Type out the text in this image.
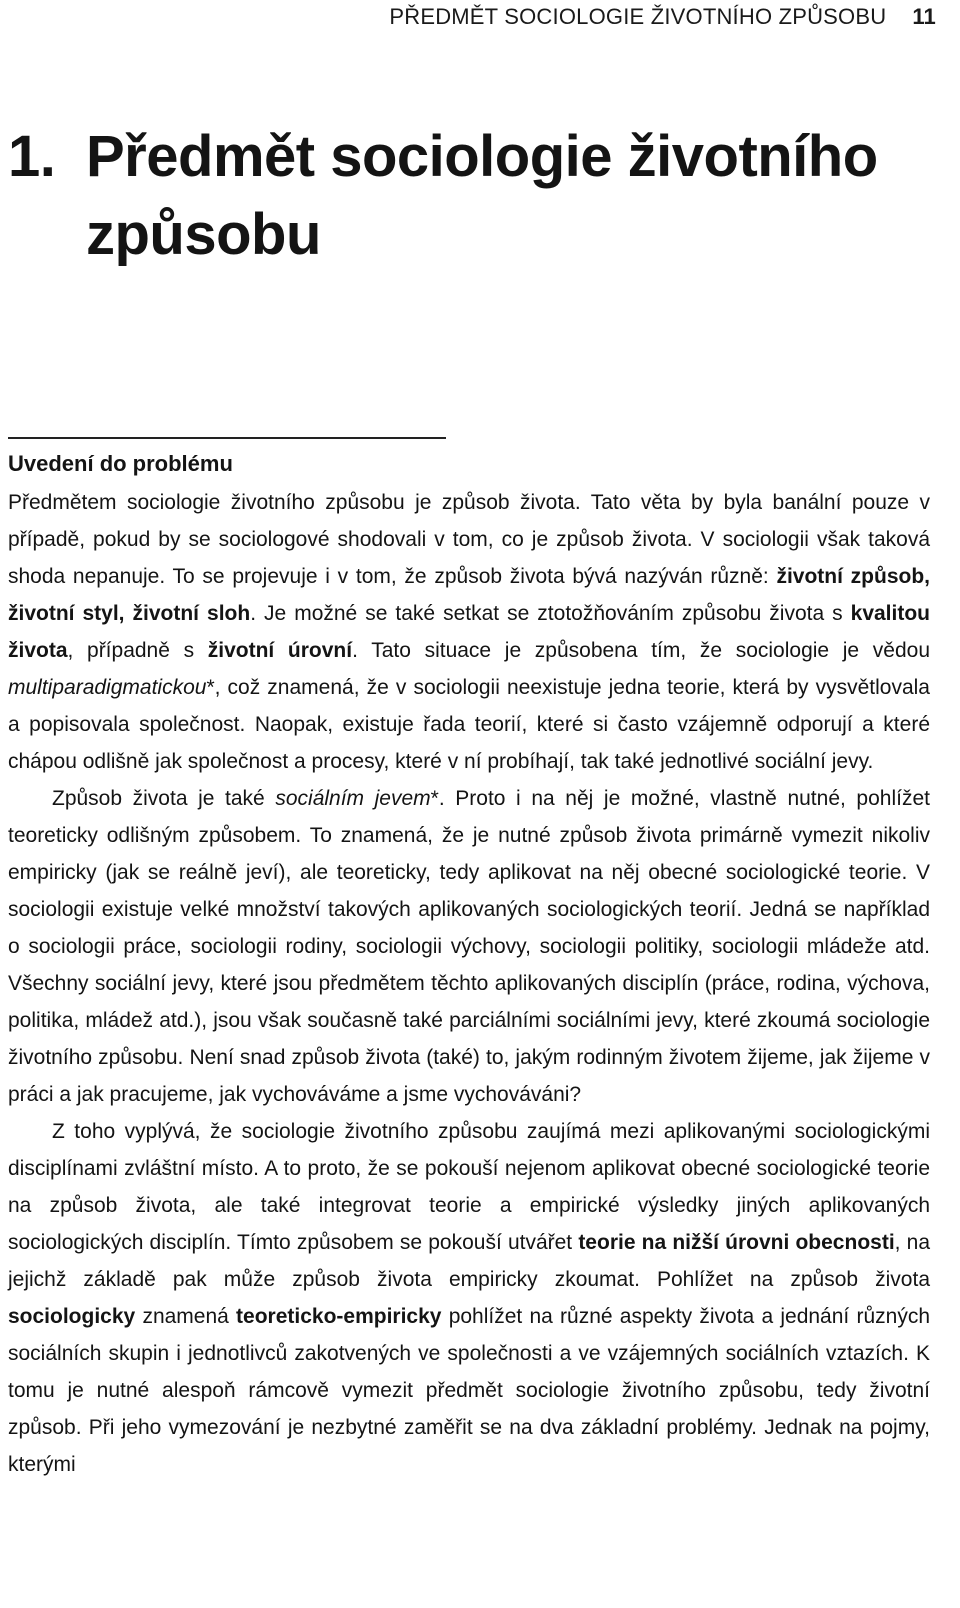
PŘEDMĚT SOCIOLOGIE ŽIVOTNÍHO ZPŮSOBU 11
1. Předmět sociologie životního způsobu
Uvedení do problému

Předmětem sociologie životního způsobu je způsob života. Tato věta by byla banální pouze v případě, pokud by se sociologové shodovali v tom, co je způsob života. V sociologii však taková shoda nepanuje. To se projevuje i v tom, že způsob života bývá nazýván různě: životní způsob, životní styl, životní sloh. Je možné se také setkat se ztotožňováním způsobu života s kvalitou života, případně s životní úrovní. Tato situace je způsobena tím, že sociologie je vědou multiparadigmatickou*, což znamená, že v sociologii neexistuje jedna teorie, která by vysvětlovala a popisovala společnost. Naopak, existuje řada teorií, které si často vzájemně odporují a které chápou odlišně jak společnost a procesy, které v ní probíhají, tak také jednotlivé sociální jevy.

Způsob života je také sociálním jevem*. Proto i na něj je možné, vlastně nutné, pohlížet teoreticky odlišným způsobem. To znamená, že je nutné způsob života primárně vymezit nikoliv empiricky (jak se reálně jeví), ale teoreticky, tedy aplikovat na něj obecné sociologické teorie. V sociologii existuje velké množství takových aplikovaných sociologických teorií. Jedná se například o sociologii práce, sociologii rodiny, sociologii výchovy, sociologii politiky, sociologii mládeže atd. Všechny sociální jevy, které jsou předmětem těchto aplikovaných disciplín (práce, rodina, výchova, politika, mládež atd.), jsou však současně také parciálními sociálními jevy, které zkoumá sociologie životního způsobu. Není snad způsob života (také) to, jakým rodinným životem žijeme, jak žijeme v práci a jak pracujeme, jak vychováváme a jsme vychováváni?

Z toho vyplývá, že sociologie životního způsobu zaujímá mezi aplikovanými sociologickými disciplínami zvláštní místo. A to proto, že se pokouší nejenom aplikovat obecné sociologické teorie na způsob života, ale také integrovat teorie a empirické výsledky jiných aplikovaných sociologických disciplín. Tímto způsobem se pokouší utvářet teorie na nižší úrovni obecnosti, na jejichž základě pak může způsob života empiricky zkoumat. Pohlížet na způsob života sociologicky znamená teoreticko-empiricky pohlížet na různé aspekty života a jednání různých sociálních skupin i jednotlivců zakotvených ve společnosti a ve vzájemných sociálních vztazích. K tomu je nutné alespoň rámcově vymezit předmět sociologie životního způsobu, tedy životní způsob. Při jeho vymezování je nezbytné zaměřit se na dva základní problémy. Jednak na pojmy, kterými
